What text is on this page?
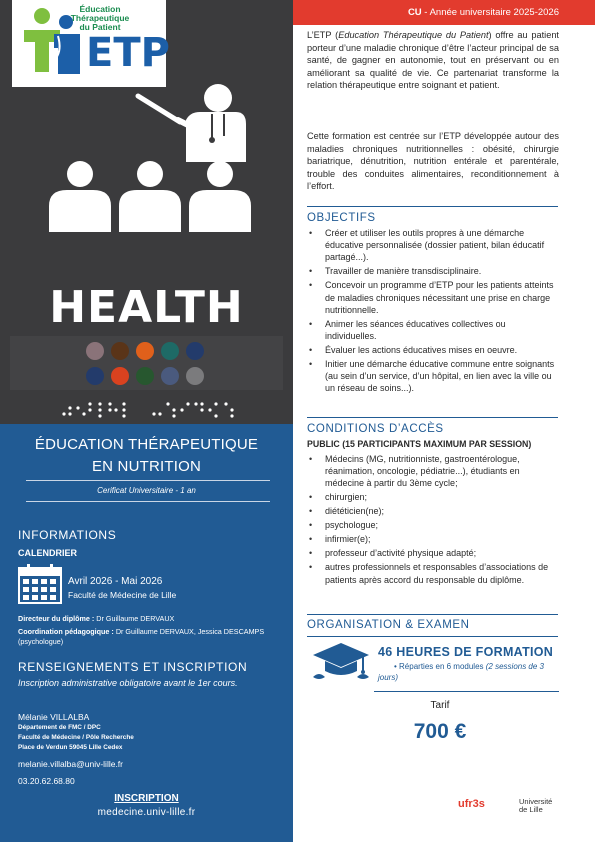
Éducation Thérapeutique
du Patient
ETP
HEALTH
ÉDUCATION THÉRAPEUTIQUE
EN NUTRITION
Cerificat Universitaire - 1 an
INFORMATIONS
CALENDRIER
Avril 2026 - Mai 2026
Faculté de Médecine de Lille
Directeur du diplôme : Dr Guillaume DERVAUX
Coordination pédagogique : Dr Guillaume DERVAUX, Jessica DESCAMPS (psychologue)
RENSEIGNEMENTS ET INSCRIPTION
Inscription administrative obligatoire avant le 1er cours.
Mélanie VILLALBA
Département de FMC / DPC
Faculté de Médecine / Pôle Recherche
Place de Verdun 59045 Lille Cedex
melanie.villalba@univ-lille.fr
03.20.62.68.80
INSCRIPTION
medecine.univ-lille.fr
CU - Année universitaire 2025-2026

L’ETP (Education Thérapeutique du Patient) offre au patient porteur d’une maladie chronique d’être l’acteur principal de sa santé, de gagner en autonomie, tout en préservant ou en améliorant sa qualité de vie. Ce partenariat transforme la relation thérapeutique entre soignant et patient.

Cette formation est centrée sur l’ETP développée autour des maladies chroniques nutritionnelles : obésité, chirurgie bariatrique, dénutrition, nutrition entérale et parentérale, trouble des conduites alimentaires, reconditionnement à l’effort.

OBJECTIFS
• Créer et utiliser les outils propres à une démarche éducative personnalisée (dossier patient, bilan éducatif partagé...).
• Travailler de manière transdisciplinaire.
• Concevoir un programme d’ETP pour les patients atteints de maladies chroniques nécessitant une prise en charge nutritionnelle.
• Animer les séances éducatives collectives ou individuelles.
• Évaluer les actions éducatives mises en oeuvre.
• Initier une démarche éducative commune entre soignants (au sein d’un service, d’un hôpital, en lien avec la ville ou un réseau de soins...).
CONDITIONS D’ACCÈS
PUBLIC (15 PARTICIPANTS MAXIMUM PAR SESSION)
• Médecins (MG, nutritionniste, gastroentérologue, réanimation, oncologie, pédiatrie...), étudiants en médecine à partir du 3ème cycle;
• chirurgien;
• diététicien(ne);
• psychologue;
• infirmier(e);
• professeur d’activité physique adapté;
• autres professionnels et responsables d’associations de patients après accord du responsable du diplôme.
ORGANISATION & EXAMEN
46 HEURES DE FORMATION
• Réparties en 6 modules (2 sessions de 3 jours)
Tarif
700 €
ufr3s	Université
de Lille
